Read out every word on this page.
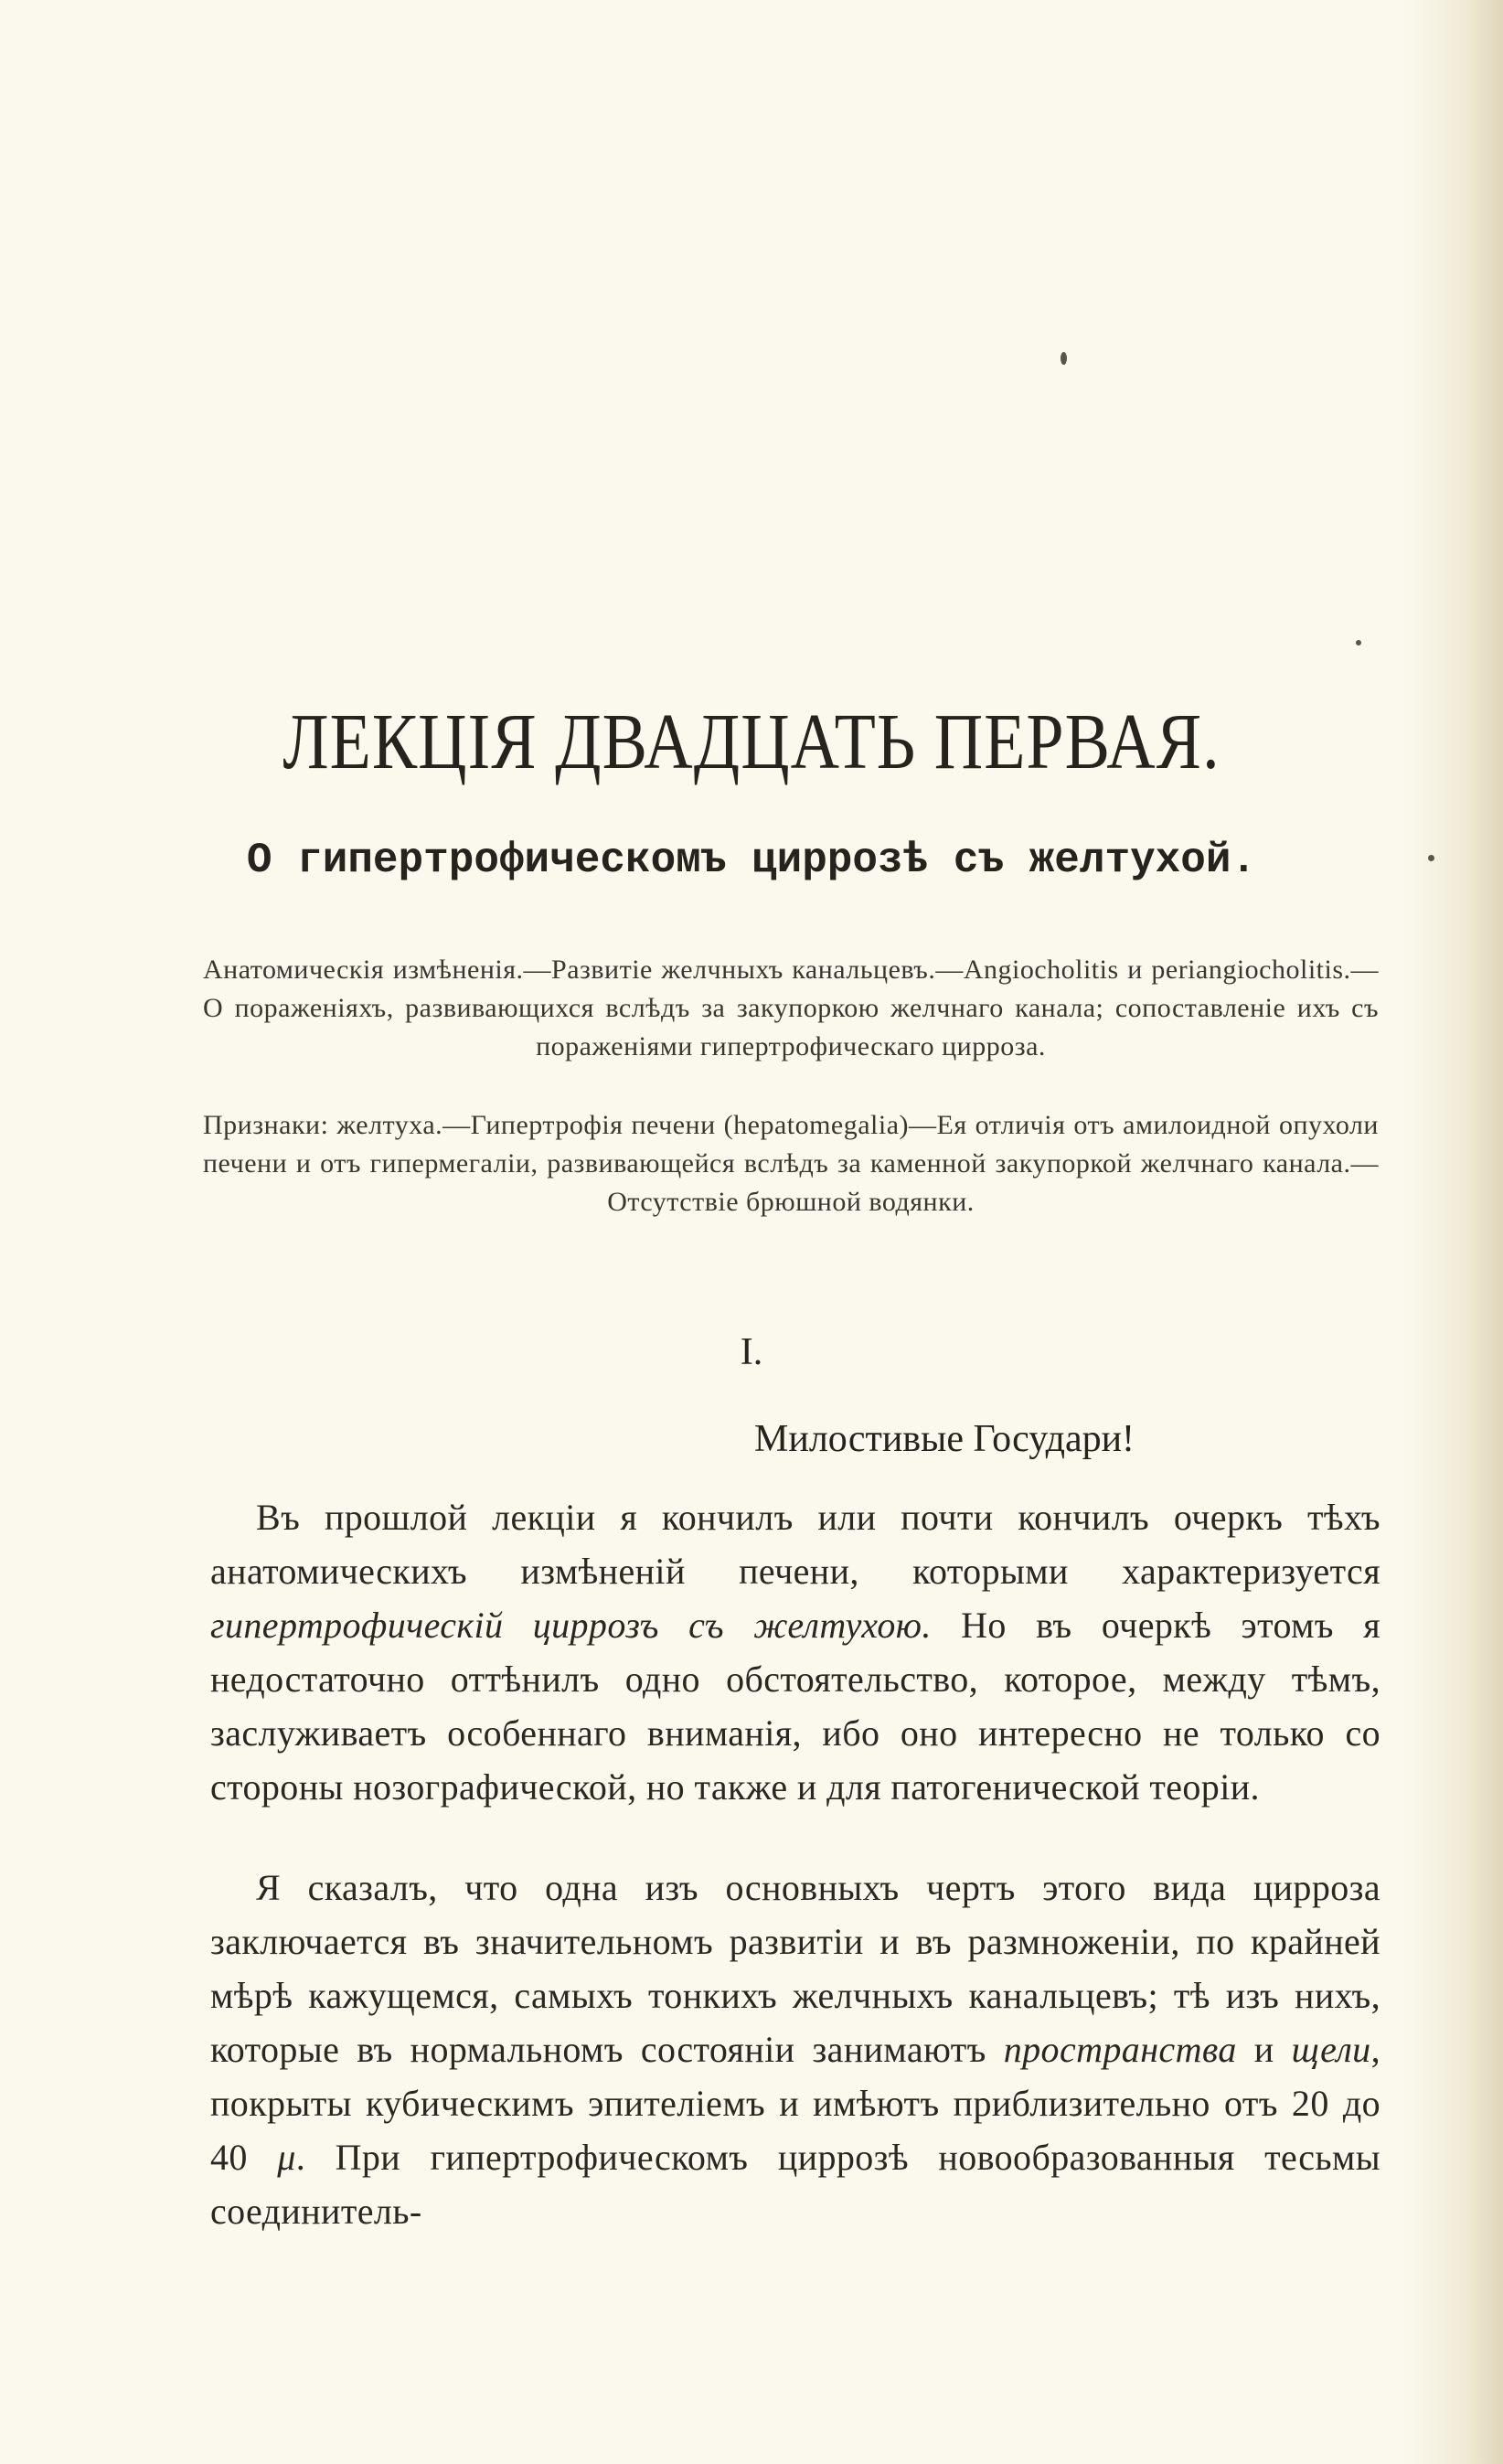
ЛЕКЦІЯ ДВАДЦАТЬ ПЕРВАЯ.
О гипертрофическомъ циррозѣ съ желтухой.

Анатомическія измѣненія.—Развитіе желчныхъ канальцевъ.—Angiocholitis и periangiocholitis.—О пораженіяхъ, развивающихся вслѣдъ за закупоркою желчнаго канала; сопоставленіе ихъ съ пораженіями гипертрофическаго цирроза.

Признаки: желтуха.—Гипертрофія печени (hepatomegalia)—Ея отличія отъ амилоидной опухоли печени и отъ гипермегаліи, развивающейся вслѣдъ за каменной закупоркой желчнаго канала.—Отсутствіе брюшной водянки.

I.
Милостивые Государи!

Въ прошлой лекціи я кончилъ или почти кончилъ очеркъ тѣхъ анатомическихъ измѣненій печени, которыми характеризуется гипертрофическій циррозъ съ желтухою. Но въ очеркѣ этомъ я недостаточно оттѣнилъ одно обстоятельство, которое, между тѣмъ, заслуживаетъ особеннаго вниманія, ибо оно интересно не только со стороны нозографической, но также и для патогенической теоріи.

Я сказалъ, что одна изъ основныхъ чертъ этого вида цирроза заключается въ значительномъ развитіи и въ размноженіи, по крайней мѣрѣ кажущемся, самыхъ тонкихъ желчныхъ канальцевъ; тѣ изъ нихъ, которые въ нормальномъ состояніи занимаютъ пространства и щели, покрыты кубическимъ эпителіемъ и имѣютъ приблизительно отъ 20 до 40 μ. При гипертрофическомъ циррозѣ новообразованныя тесьмы соединитель-
